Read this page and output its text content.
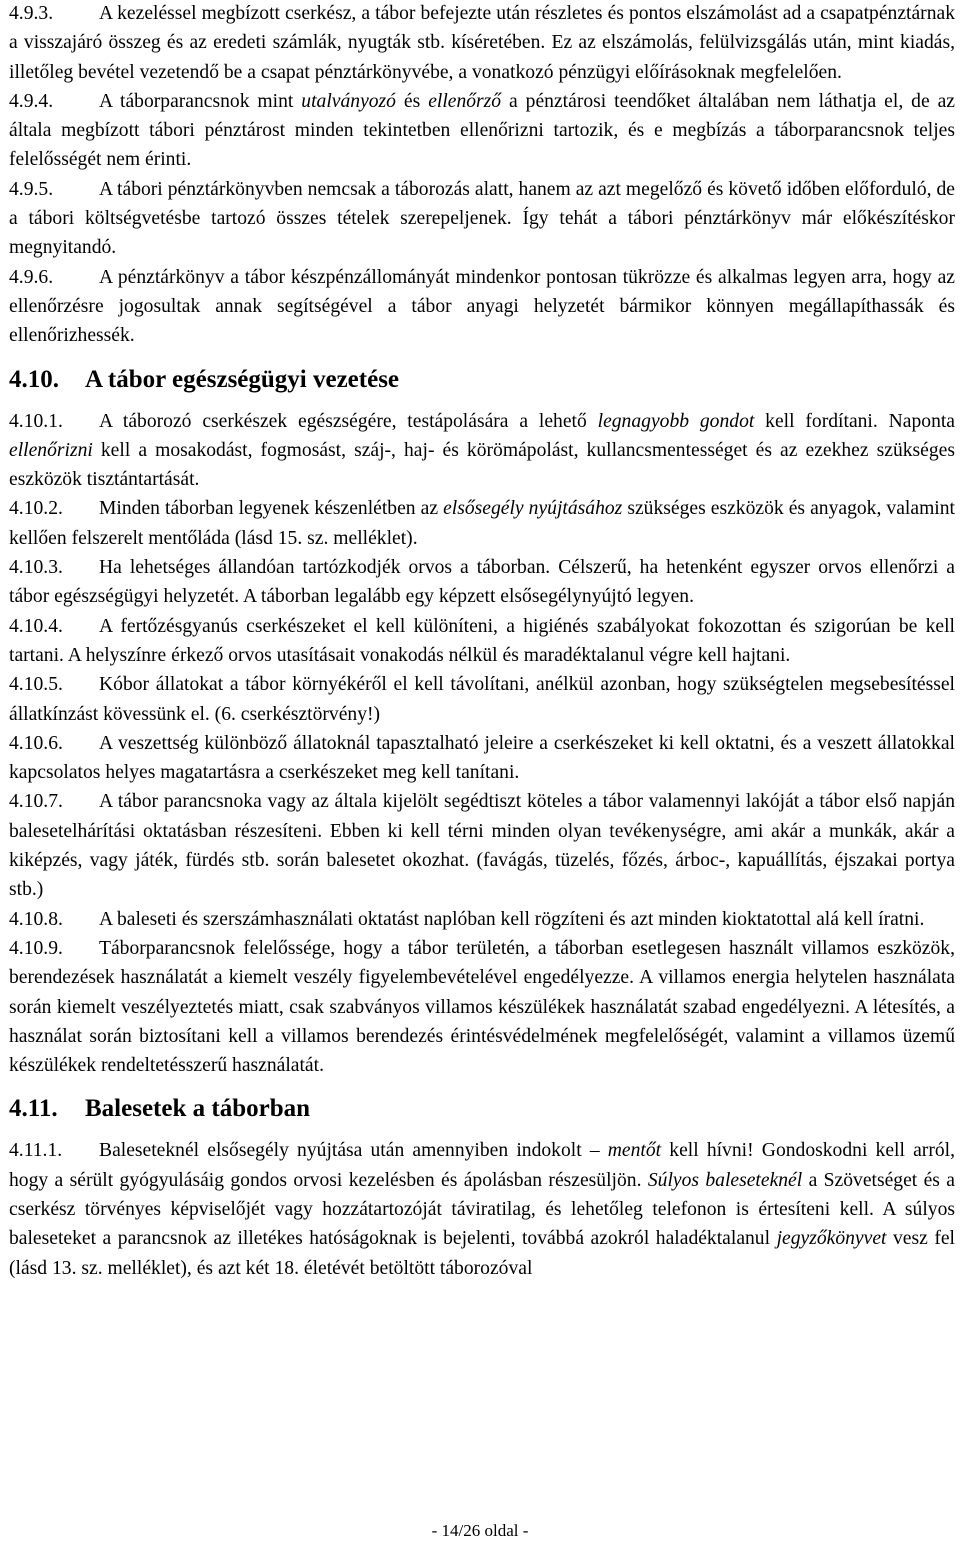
4.9.3. A kezeléssel megbízott cserkész, a tábor befejezte után részletes és pontos elszámolást ad a csapatpénztárnak a visszajáró összeg és az eredeti számlák, nyugták stb. kíséretében. Ez az elszámolás, felülvizsgálás után, mint kiadás, illetőleg bevétel vezetendő be a csapat pénztárkönyvébe, a vonatkozó pénzügyi előírásoknak megfelelően.

4.9.4. A táborparancsnok mint utalványozó és ellenőrző a pénztárosi teendőket általában nem láthatja el, de az általa megbízott tábori pénztárost minden tekintetben ellenőrizni tartozik, és e megbízás a táborparancsnok teljes felelősségét nem érinti.

4.9.5. A tábori pénztárkönyvben nemcsak a táborozás alatt, hanem az azt megelőző és követő időben előforduló, de a tábori költségvetésbe tartozó összes tételek szerepeljenek. Így tehát a tábori pénztárkönyv már előkészítéskor megnyitandó.

4.9.6. A pénztárkönyv a tábor készpénzállományát mindenkor pontosan tükrözze és alkalmas legyen arra, hogy az ellenőrzésre jogosultak annak segítségével a tábor anyagi helyzetét bármikor könnyen megállapíthassák és ellenőrizhessék.

4.10. A tábor egészségügyi vezetése

4.10.1. A táborozó cserkészek egészségére, testápolására a lehető legnagyobb gondot kell fordítani. Naponta ellenőrizni kell a mosakodást, fogmosást, száj-, haj- és körömápolást, kullancsmentességet és az ezekhez szükséges eszközök tisztántartását.

4.10.2. Minden táborban legyenek készenlétben az elsősegély nyújtásához szükséges eszközök és anyagok, valamint kellően felszerelt mentőláda (lásd 15. sz. melléklet).

4.10.3. Ha lehetséges állandóan tartózkodjék orvos a táborban. Célszerű, ha hetenként egyszer orvos ellenőrzi a tábor egészségügyi helyzetét. A táborban legalább egy képzett elsősegélynyújtó legyen.

4.10.4. A fertőzésgyanús cserkészeket el kell különíteni, a higiénés szabályokat fokozottan és szigorúan be kell tartani. A helyszínre érkező orvos utasításait vonakodás nélkül és maradéktalanul végre kell hajtani.

4.10.5. Kóbor állatokat a tábor környékéről el kell távolítani, anélkül azonban, hogy szükségtelen megsebesítéssel állatkínzást kövessünk el. (6. cserkésztörvény!)

4.10.6. A veszettség különböző állatoknál tapasztalható jeleire a cserkészeket ki kell oktatni, és a veszett állatokkal kapcsolatos helyes magatartásra a cserkészeket meg kell tanítani.

4.10.7. A tábor parancsnoka vagy az általa kijelölt segédtiszt köteles a tábor valamennyi lakóját a tábor első napján balesetelhárítási oktatásban részesíteni. Ebben ki kell térni minden olyan tevékenységre, ami akár a munkák, akár a kiképzés, vagy játék, fürdés stb. során balesetet okozhat. (favágás, tüzelés, főzés, árboc-, kapuállítás, éjszakai portya stb.)

4.10.8. A baleseti és szerszámhasználati oktatást naplóban kell rögzíteni és azt minden kioktatottal alá kell íratni.

4.10.9. Táborparancsnok felelőssége, hogy a tábor területén, a táborban esetlegesen használt villamos eszközök, berendezések használatát a kiemelt veszély figyelembevételével engedélyezze. A villamos energia helytelen használata során kiemelt veszélyeztetés miatt, csak szabványos villamos készülékek használatát szabad engedélyezni. A létesítés, a használat során biztosítani kell a villamos berendezés érintésvédelmének megfelelőségét, valamint a villamos üzemű készülékek rendeltetésszerű használatát.

4.11. Balesetek a táborban

4.11.1. Baleseteknél elsősegély nyújtása után amennyiben indokolt – mentőt kell hívni! Gondoskodni kell arról, hogy a sérült gyógyulásáig gondos orvosi kezelésben és ápolásban részesüljön. Súlyos baleseteknél a Szövetséget és a cserkész törvényes képviselőjét vagy hozzátartozóját táviratilag, és lehetőleg telefonon is értesíteni kell. A súlyos baleseteket a parancsnok az illetékes hatóságoknak is bejelenti, továbbá azokról haladéktalanul jegyzőkönyvet vesz fel (lásd 13. sz. melléklet), és azt két 18. életévét betöltött táborozóval

- 14/26 oldal -
